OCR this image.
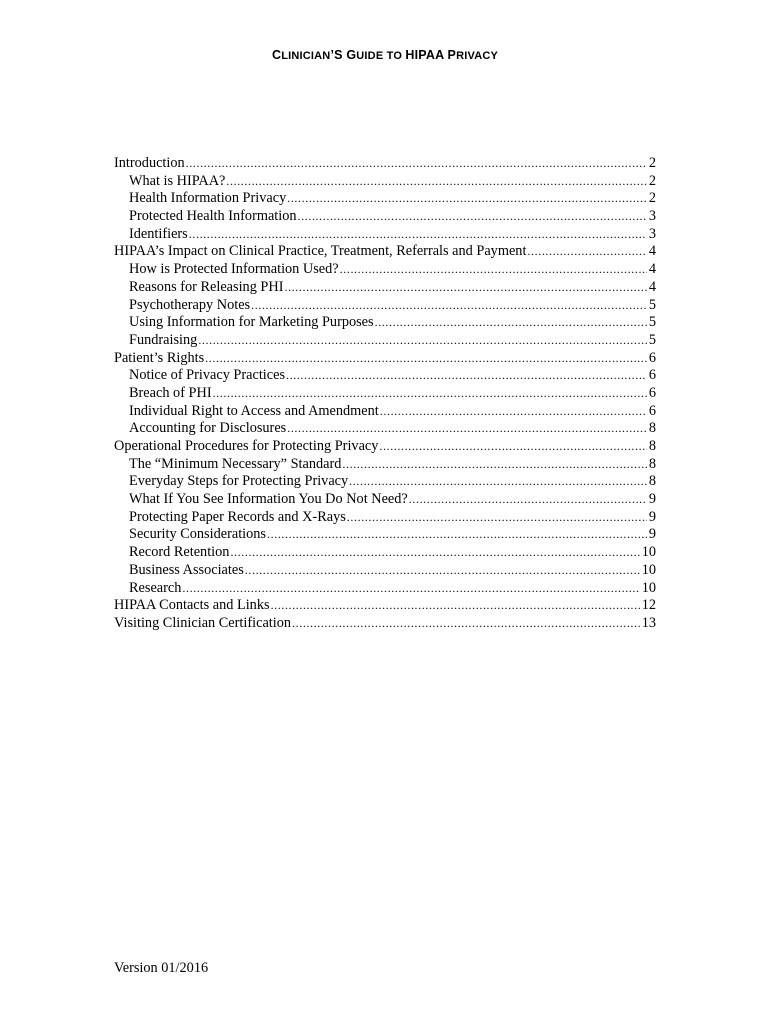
CLINICIAN’S GUIDE TO HIPAA PRIVACY
Introduction .....	2
What is HIPAA? .....	2
Health Information Privacy .....	2
Protected Health Information .....	3
Identifiers .....	3
HIPAA’s Impact on Clinical Practice, Treatment, Referrals and Payment .....	4
How is Protected Information Used? .....	4
Reasons for Releasing PHI .....	4
Psychotherapy Notes .....	5
Using Information for Marketing Purposes .....	5
Fundraising .....	5
Patient’s Rights .....	6
Notice of Privacy Practices .....	6
Breach of PHI .....	6
Individual Right to Access and Amendment .....	6
Accounting for Disclosures .....	8
Operational Procedures for Protecting Privacy .....	8
The “Minimum Necessary” Standard .....	8
Everyday Steps for Protecting Privacy .....	8
What If You See Information You Do Not Need? .....	9
Protecting Paper Records and X-Rays .....	9
Security Considerations .....	9
Record Retention .....	10
Business Associates .....	10
Research .....	10
HIPAA Contacts and Links .....	12
Visiting Clinician Certification .....	13
Version 01/2016
